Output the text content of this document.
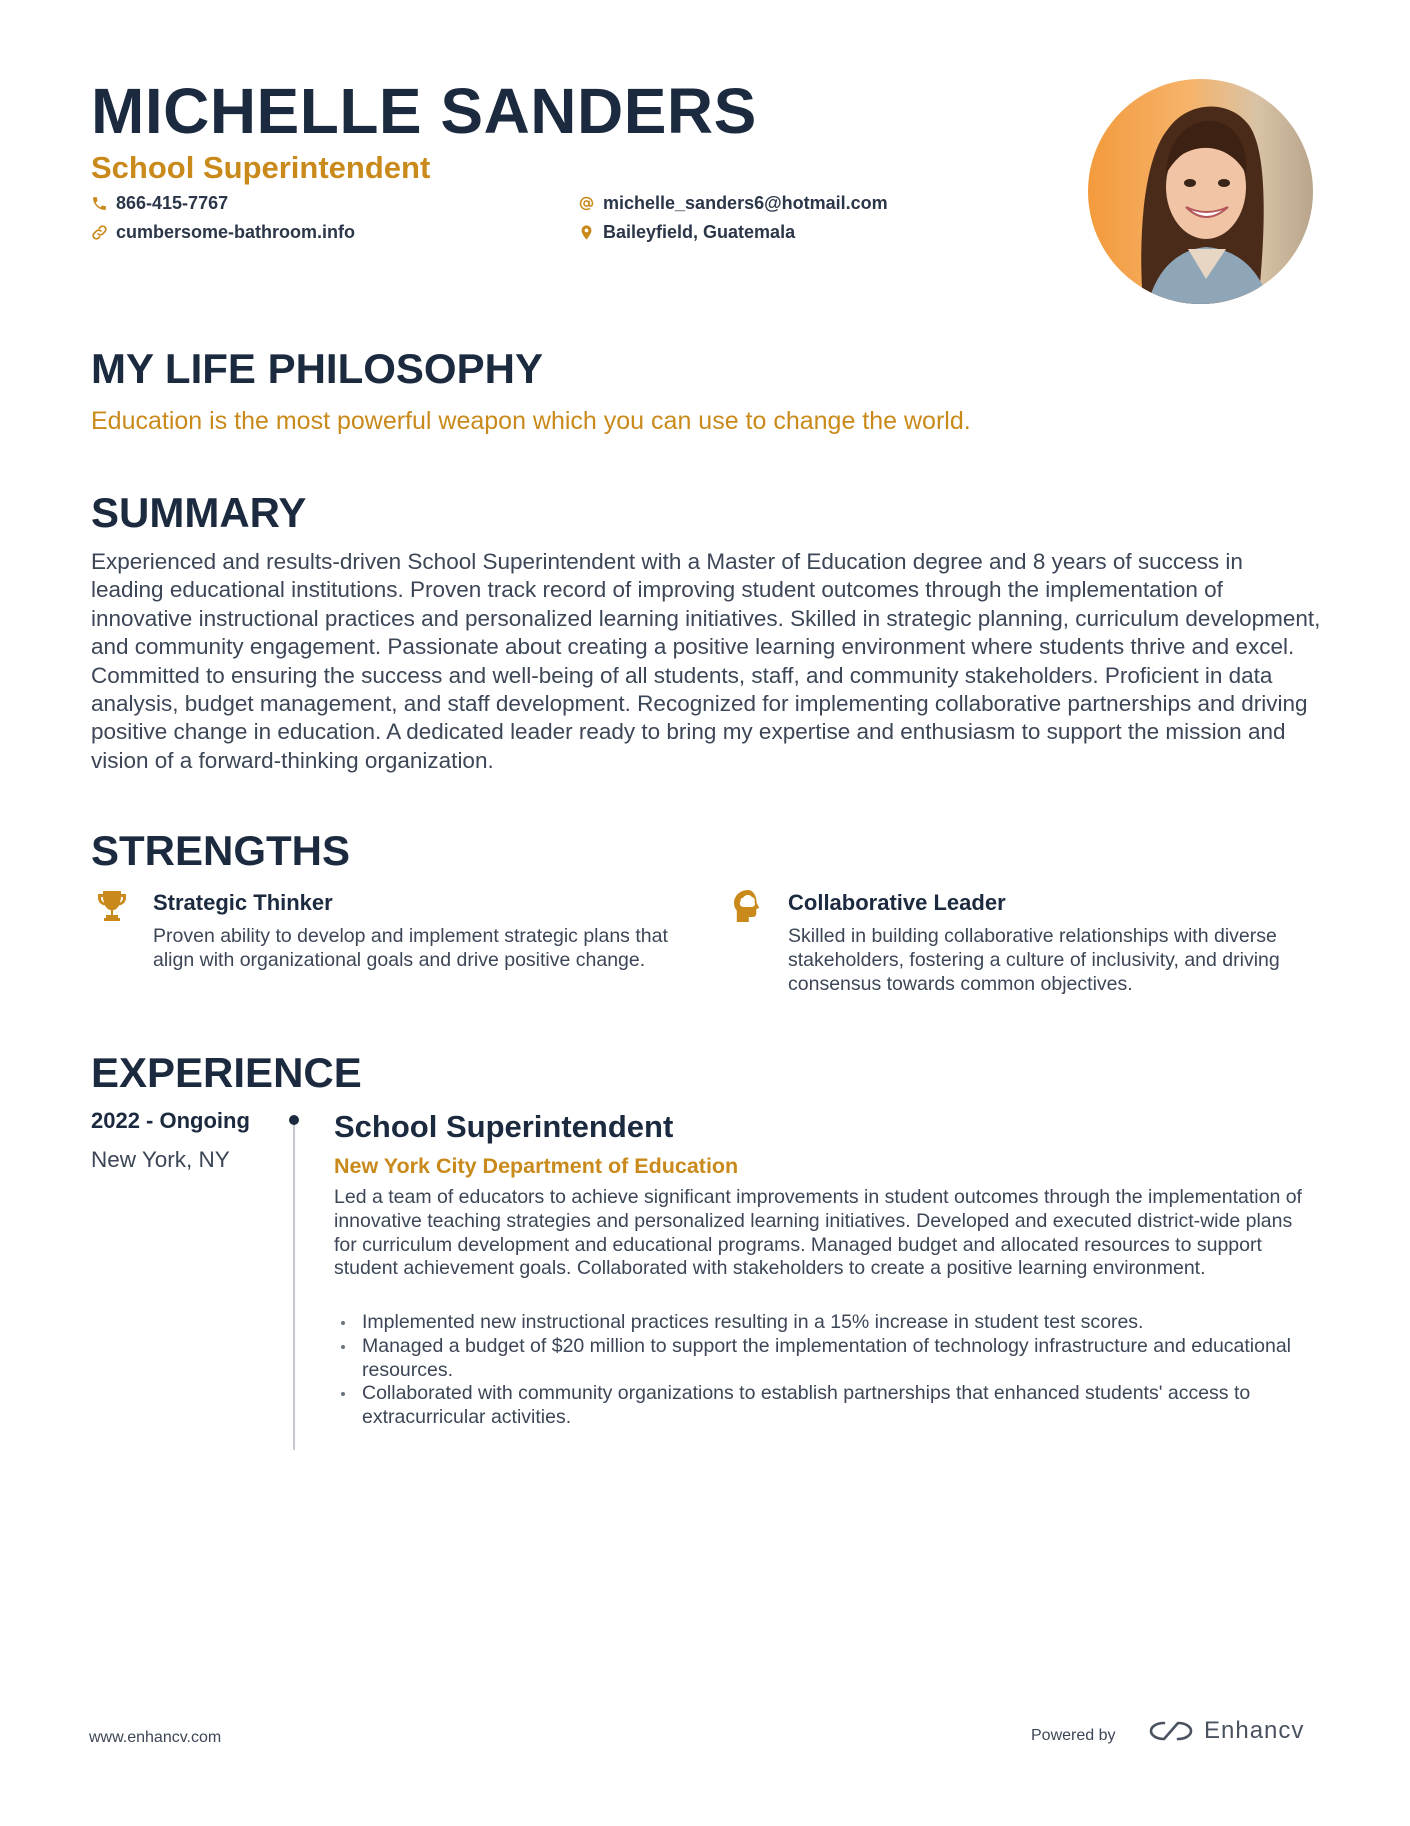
MICHELLE SANDERS
School Superintendent
866-415-7767
cumbersome-bathroom.info
michelle_sanders6@hotmail.com
Baileyfield, Guatemala
MY LIFE PHILOSOPHY

Education is the most powerful weapon which you can use to change the world.

SUMMARY

Experienced and results-driven School Superintendent with a Master of Education degree and 8 years of success in leading educational institutions. Proven track record of improving student outcomes through the implementation of innovative instructional practices and personalized learning initiatives. Skilled in strategic planning, curriculum development, and community engagement. Passionate about creating a positive learning environment where students thrive and excel. Committed to ensuring the success and well-being of all students, staff, and community stakeholders. Proficient in data analysis, budget management, and staff development. Recognized for implementing collaborative partnerships and driving positive change in education. A dedicated leader ready to bring my expertise and enthusiasm to support the mission and vision of a forward-thinking organization.

STRENGTHS
Strategic Thinker

Proven ability to develop and implement strategic plans that align with organizational goals and drive positive change.

Collaborative Leader

Skilled in building collaborative relationships with diverse stakeholders, fostering a culture of inclusivity, and driving consensus towards common objectives.

EXPERIENCE

2022 - Ongoing

New York, NY

School Superintendent

New York City Department of Education

Led a team of educators to achieve significant improvements in student outcomes through the implementation of innovative teaching strategies and personalized learning initiatives. Developed and executed district-wide plans for curriculum development and educational programs. Managed budget and allocated resources to support student achievement goals. Collaborated with stakeholders to create a positive learning environment.

Implemented new instructional practices resulting in a 15% increase in student test scores.
Managed a budget of $20 million to support the implementation of technology infrastructure and educational resources.
Collaborated with community organizations to establish partnerships that enhanced students' access to extracurricular activities.

www.enhancv.com	Powered by	Enhancv
